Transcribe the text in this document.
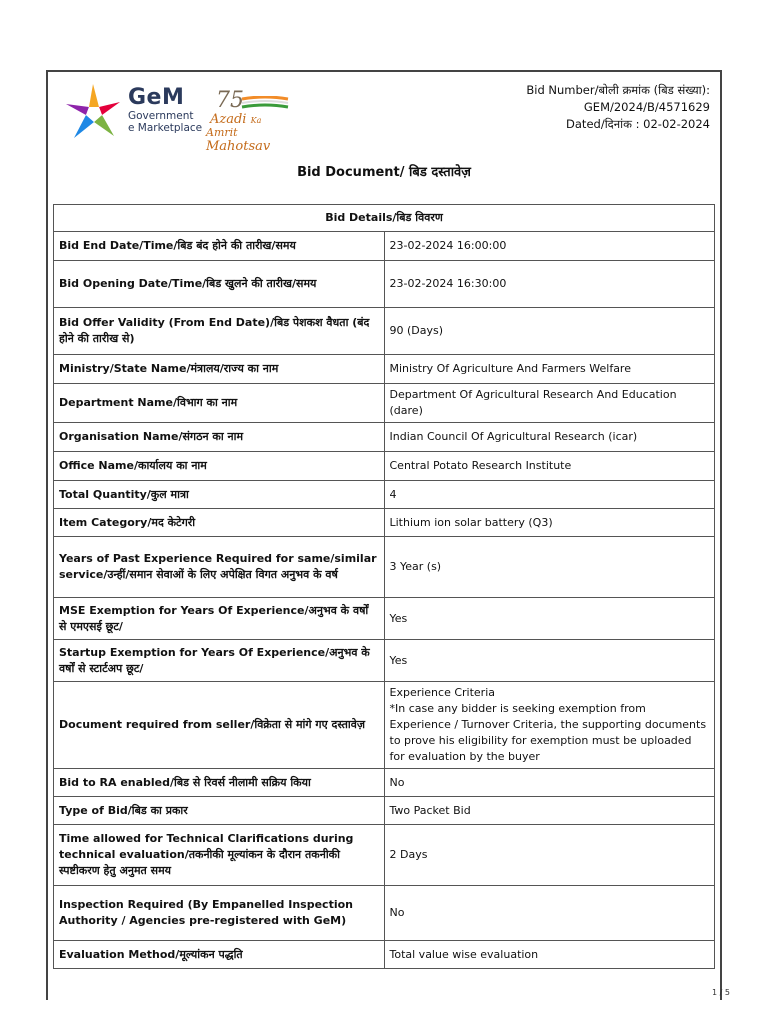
GeM
Government
e Marketplace
75
Azadi Ka
Amrit Mahotsav
Bid Number/बोली क्रमांक (बिड संख्या):
GEM/2024/B/4571629
Dated/दिनांक : 02-02-2024
Bid Document/ बिड दस्तावेज़
Bid Details/बिड विवरण	
Bid End Date/Time/बिड बंद होने की तारीख/समय	23-02-2024 16:00:00
Bid Opening Date/Time/बिड खुलने की तारीख/समय	23-02-2024 16:30:00
Bid Offer Validity (From End Date)/बिड पेशकश वैधता (बंद होने की तारीख से)	90 (Days)
Ministry/State Name/मंत्रालय/राज्य का नाम	Ministry Of Agriculture And Farmers Welfare
Department Name/विभाग का नाम	Department Of Agricultural Research And Education (dare)
Organisation Name/संगठन का नाम	Indian Council Of Agricultural Research (icar)
Office Name/कार्यालय का नाम	Central Potato Research Institute
Total Quantity/कुल मात्रा	4
Item Category/मद केटेगरी	Lithium ion solar battery (Q3)
Years of Past Experience Required for same/similar service/उन्हीं/समान सेवाओं के लिए अपेक्षित विगत अनुभव के वर्ष	3 Year (s)
MSE Exemption for Years Of Experience/अनुभव के वर्षों से एमएसई छूट/	Yes
Startup Exemption for Years Of Experience/अनुभव के वर्षों से स्टार्टअप छूट/	Yes
Document required from seller/विक्रेता से मांगे गए दस्तावेज़	Experience Criteria
*In case any bidder is seeking exemption from Experience / Turnover Criteria, the supporting documents to prove his eligibility for exemption must be uploaded for evaluation by the buyer

Bid to RA enabled/बिड से रिवर्स नीलामी सक्रिय किया	No
Type of Bid/बिड का प्रकार	Two Packet Bid
Time allowed for Technical Clarifications during technical evaluation/तकनीकी मूल्यांकन के दौरान तकनीकी स्पष्टीकरण हेतु अनुमत समय	2 Days
Inspection Required (By Empanelled Inspection Authority / Agencies pre-registered with GeM)	No
Evaluation Method/मूल्यांकन पद्धति	Total value wise evaluation
1 / 5
